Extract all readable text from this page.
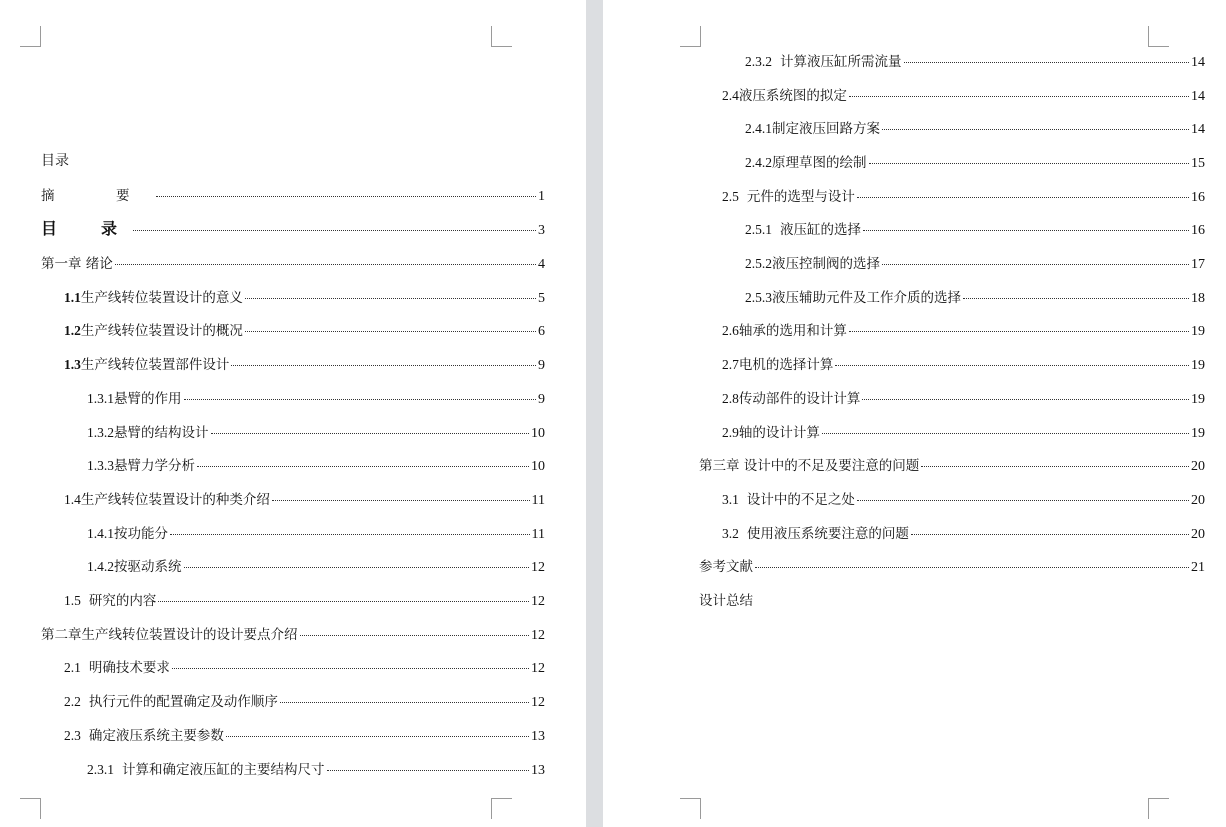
目录
摘　要	1
目　录	3
第一章 绪论	4
1.1 生产线转位装置设计的意义	5
1.2 生产线转位装置设计的概况	6
1.3 生产线转位装置部件设计	9
1.3.1 悬臂的作用	9
1.3.2 悬臂的结构设计	10
1.3.3 悬臂力学分析	10
1.4 生产线转位装置设计的种类介绍	11
1.4.1 按功能分	11
1.4.2 按驱动系统	12
1.5 研究的内容	12
第二章生产线转位装置设计的设计要点介绍	12
2.1 明确技术要求	12
2.2 执行元件的配置确定及动作顺序	12
2.3 确定液压系统主要参数	13
2.3.1 计算和确定液压缸的主要结构尺寸	13
2.3.2 计算液压缸所需流量	14
2.4 液压系统图的拟定	14
2.4.1 制定液压回路方案	14
2.4.2 原理草图的绘制	15
2.5 元件的选型与设计	16
2.5.1 液压缸的选择	16
2.5.2 液压控制阀的选择	17
2.5.3 液压辅助元件及工作介质的选择	18
2.6 轴承的选用和计算	19
2.7 电机的选择计算	19
2.8 传动部件的设计计算	19
2.9 轴的设计计算	19
第三章 设计中的不足及要注意的问题	20
3.1 设计中的不足之处	20
3.2 使用液压系统要注意的问题	20
参考文献	21
设计总结
